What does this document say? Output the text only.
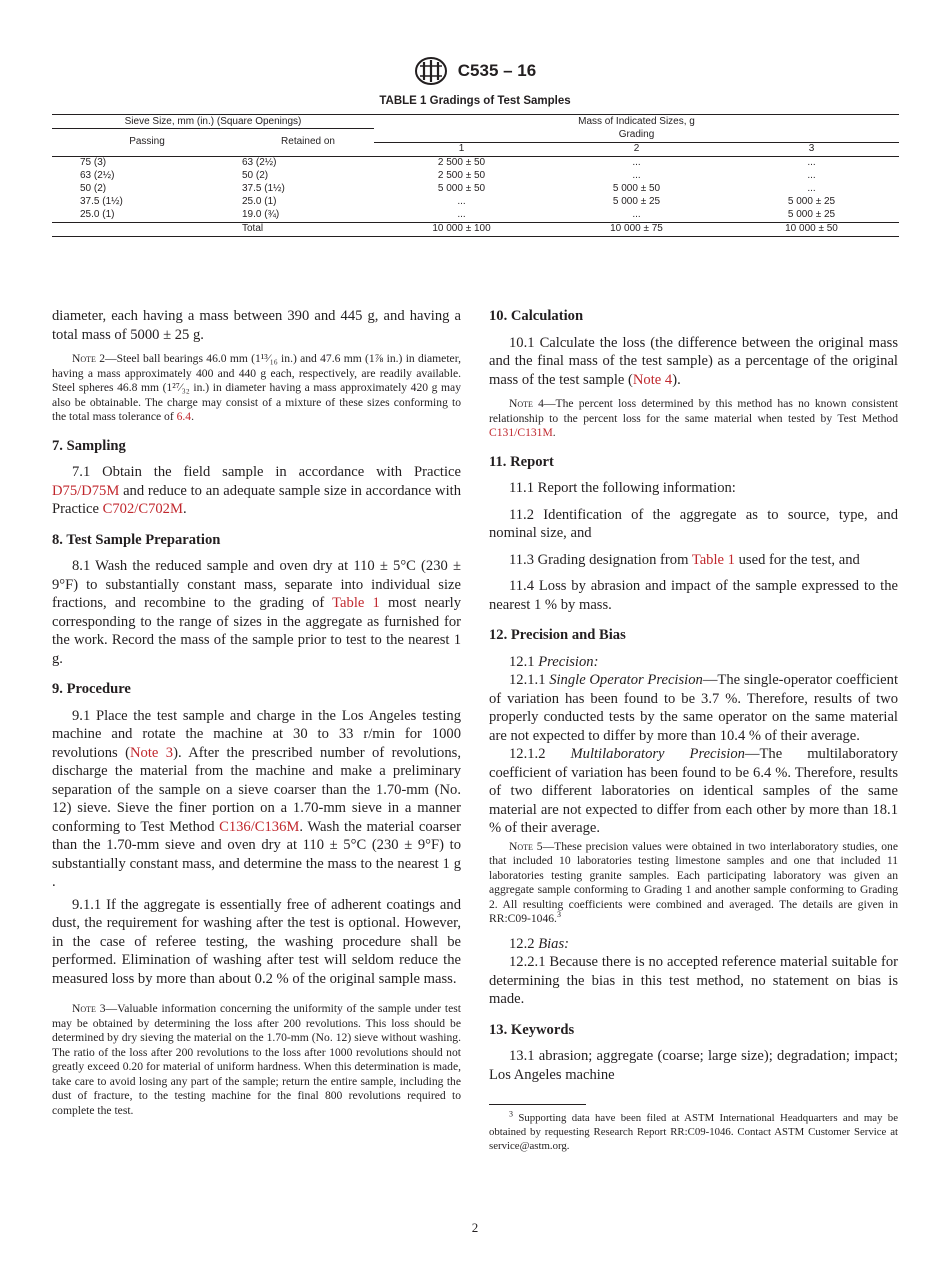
C535 – 16
TABLE 1 Gradings of Test Samples
Sieve Size, mm (in.) (Square Openings)		Mass of Indicated Sizes, g		
Passing	Retained on	Grading		
		1	2	3
75 (3)	63 (2½)	2 500 ± 50	...	...
63 (2½)	50 (2)	2 500 ± 50	...	...
50 (2)	37.5 (1½)	5 000 ± 50	5 000 ± 50	...
37.5 (1½)	25.0 (1)	...	5 000 ± 25	5 000 ± 25
25.0 (1)	19.0 (¾)	...	...	5 000 ± 25
	Total	10 000 ± 100	10 000 ± 75	10 000 ± 50

diameter, each having a mass between 390 and 445 g, and having a total mass of 5000 ± 25 g.

Note 2—Steel ball bearings 46.0 mm (1¹³⁄₁₆ in.) and 47.6 mm (1⅞ in.) in diameter, having a mass approximately 400 and 440 g each, respectively, are readily available. Steel spheres 46.8 mm (1²⁷⁄₃₂ in.) in diameter having a mass approximately 420 g may also be obtainable. The charge may consist of a mixture of these sizes conforming to the total mass tolerance of 6.4.

7. Sampling

7.1 Obtain the field sample in accordance with Practice D75/D75M and reduce to an adequate sample size in accordance with Practice C702/C702M.

8. Test Sample Preparation

8.1 Wash the reduced sample and oven dry at 110 ± 5°C (230 ± 9°F) to substantially constant mass, separate into individual size fractions, and recombine to the grading of Table 1 most nearly corresponding to the range of sizes in the aggregate as furnished for the work. Record the mass of the sample prior to test to the nearest 1 g.

9. Procedure

9.1 Place the test sample and charge in the Los Angeles testing machine and rotate the machine at 30 to 33 r/min for 1000 revolutions (Note 3). After the prescribed number of revolutions, discharge the material from the machine and make a preliminary separation of the sample on a sieve coarser than the 1.70-mm (No. 12) sieve. Sieve the finer portion on a 1.70-mm sieve in a manner conforming to Test Method C136/C136M. Wash the material coarser than the 1.70-mm sieve and oven dry at 110 ± 5°C (230 ± 9°F) to substantially constant mass, and determine the mass to the nearest 1 g .

9.1.1 If the aggregate is essentially free of adherent coatings and dust, the requirement for washing after the test is optional. However, in the case of referee testing, the washing procedure shall be performed. Elimination of washing after test will seldom reduce the measured loss by more than about 0.2 % of the original sample mass.

Note 3—Valuable information concerning the uniformity of the sample under test may be obtained by determining the loss after 200 revolutions. This loss should be determined by dry sieving the material on the 1.70-mm (No. 12) sieve without washing. The ratio of the loss after 200 revolutions to the loss after 1000 revolutions should not greatly exceed 0.20 for material of uniform hardness. When this determination is made, take care to avoid losing any part of the sample; return the entire sample, including the dust of fracture, to the testing machine for the final 800 revolutions required to complete the test.

10. Calculation

10.1 Calculate the loss (the difference between the original mass and the final mass of the test sample) as a percentage of the original mass of the test sample (Note 4).

Note 4—The percent loss determined by this method has no known consistent relationship to the percent loss for the same material when tested by Test Method C131/C131M.

11. Report

11.1 Report the following information:

11.2 Identification of the aggregate as to source, type, and nominal size, and

11.3 Grading designation from Table 1 used for the test, and

11.4 Loss by abrasion and impact of the sample expressed to the nearest 1 % by mass.

12. Precision and Bias

12.1 Precision:

12.1.1 Single Operator Precision—The single-operator coefficient of variation has been found to be 3.7 %. Therefore, results of two properly conducted tests by the same operator on the same material are not expected to differ by more than 10.4 % of their average.

12.1.2 Multilaboratory Precision—The multilaboratory coefficient of variation has been found to be 6.4 %. Therefore, results of two different laboratories on identical samples of the same material are not expected to differ from each other by more than 18.1 % of their average.

Note 5—These precision values were obtained in two interlaboratory studies, one that included 10 laboratories testing limestone samples and one that included 11 laboratories testing granite samples. Each participating laboratory was given an aggregate sample conforming to Grading 1 and another sample conforming to Grading 2. All resulting coefficients were combined and averaged. The details are given in RR:C09-1046.$^3$

12.2 Bias:

12.2.1 Because there is no accepted reference material suitable for determining the bias in this test method, no statement on bias is made.

13. Keywords

13.1 abrasion; aggregate (coarse; large size); degradation; impact; Los Angeles machine

$^3$ Supporting data have been filed at ASTM International Headquarters and may be obtained by requesting Research Report RR:C09-1046. Contact ASTM Customer Service at service@astm.org.

2
